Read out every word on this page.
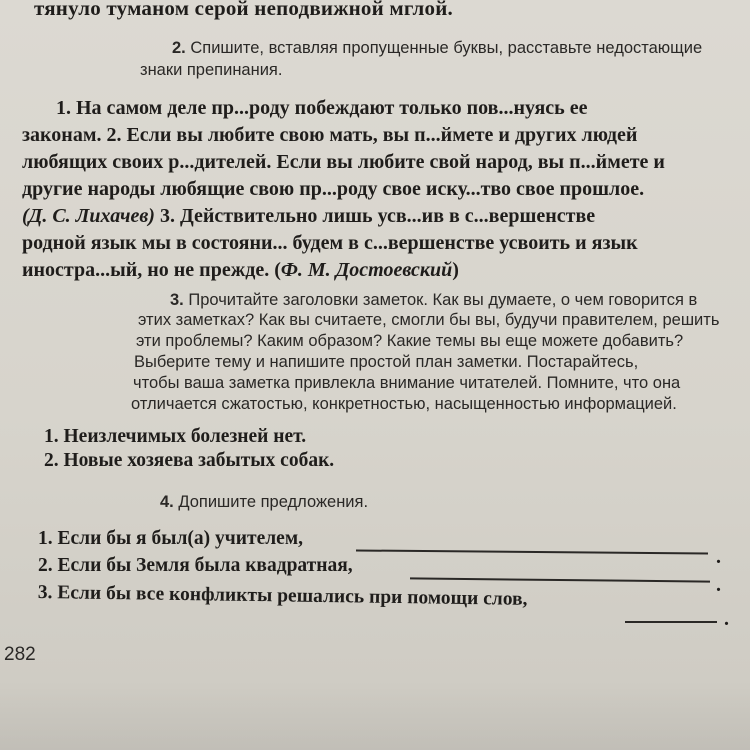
тянуло туманом серой неподвижной мглой.
2. Спишите, вставляя пропущенные буквы, расставьте недостающие
знаки препинания.
1. На самом деле пр...роду побеждают только пов...нуясь ее
законам. 2. Если вы любите свою мать, вы п...ймете и других людей
любящих своих р...дителей. Если вы любите свой народ, вы п...ймете и
другие народы любящие свою пр...роду свое иску...тво свое прошлое.
(Д. С. Лихачев) 3. Действительно лишь усв...ив в с...вершенстве
родной язык мы в состояни... будем в с...вершенстве усвоить и язык
иностра...ый, но не прежде. (Ф. М. Достоевский)
3. Прочитайте заголовки заметок. Как вы думаете, о чем говорится в
этих заметках? Как вы считаете, смогли бы вы, будучи правителем, решить
эти проблемы? Каким образом? Какие темы вы еще можете добавить?
Выберите тему и напишите простой план заметки. Постарайтесь,
чтобы ваша заметка привлекла внимание читателей. Помните, что она
отличается сжатостью, конкретностью, насыщенностью информацией.
1. Неизлечимых болезней нет.
2. Новые хозяева забытых собак.
4. Допишите предложения.
1. Если бы я был(а) учителем,
.
2. Если бы Земля была квадратная,
.
3. Если бы все конфликты решались при помощи слов,
.
282
